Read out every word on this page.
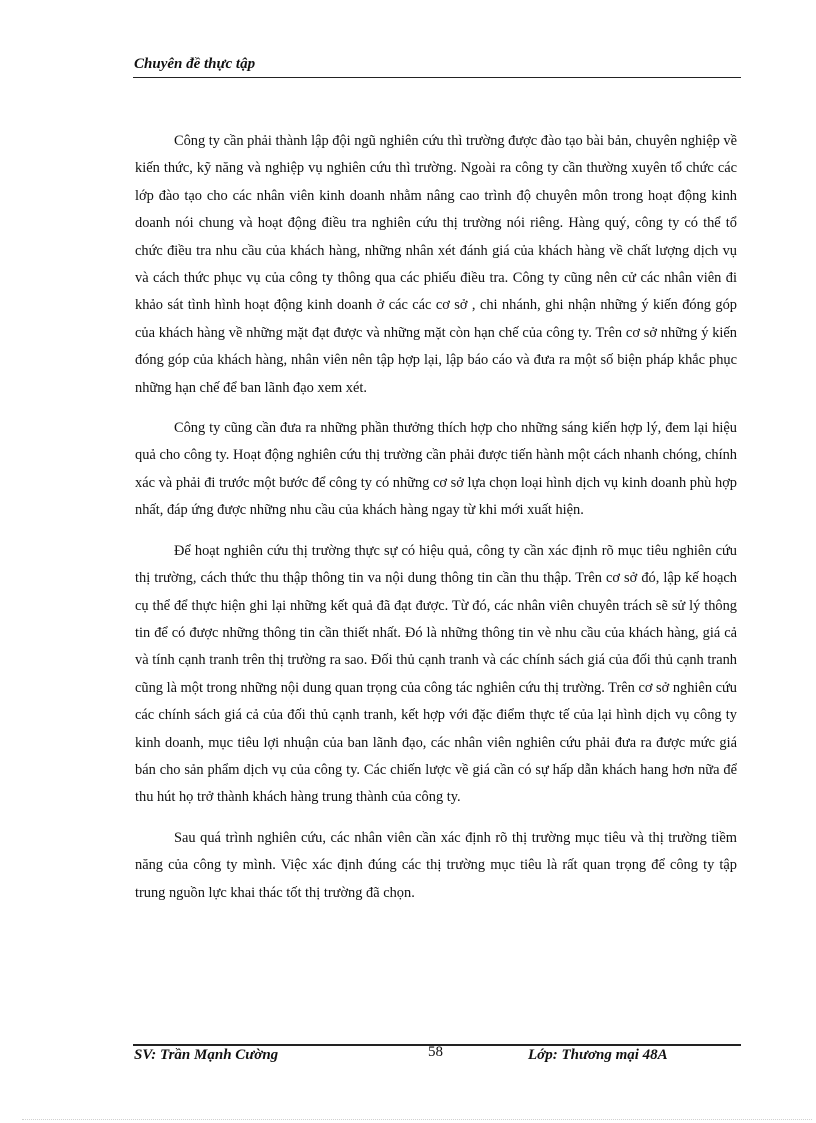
Chuyên đề thực tập

Công ty cần phải thành lập đội ngũ nghiên cứu thì trường được đào tạo bài bản, chuyên nghiệp về kiến thức, kỹ năng và nghiệp vụ nghiên cứu thì trường. Ngoài ra công ty cần thường xuyên tổ chức các lớp đào tạo cho các nhân viên kinh doanh nhằm nâng cao trình độ chuyên môn trong hoạt động kinh doanh nói chung và hoạt động điều tra nghiên cứu thị trường nói riêng. Hàng quý, công ty có thể tổ chức điều tra nhu cầu của khách hàng, những nhân xét đánh giá của khách hàng về chất lượng dịch vụ và cách thức phục vụ của công ty thông qua các phiếu điều tra. Công ty cũng nên cử các nhân viên đi khảo sát tình hình hoạt động kinh doanh ở các các cơ sở , chi nhánh, ghi nhận những ý kiến đóng góp của khách hàng về những mặt đạt được và những mặt còn hạn chế của công ty. Trên cơ sở những ý kiến đóng góp của khách hàng, nhân viên nên tập hợp lại, lập báo cáo và đưa ra một số biện pháp khắc phục những hạn chế để ban lãnh đạo xem xét.

Công ty cũng cần đưa ra những phần thưởng thích hợp cho những sáng kiến hợp lý, đem lại hiệu quả cho công ty. Hoạt động nghiên cứu thị trường cần phải được tiến hành một cách nhanh chóng, chính xác và phải đi trước một bước để công ty có những cơ sở lựa chọn loại hình dịch vụ kinh doanh phù hợp nhất, đáp ứng được những nhu cầu của khách hàng ngay từ khi mới xuất hiện.

Để hoạt nghiên cứu thị trường thực sự có hiệu quả, công ty cần xác định rõ mục tiêu nghiên cứu thị trường, cách thức thu thập thông tin va nội dung thông tin cần thu thập. Trên cơ sở đó, lập kế hoạch cụ thể để thực hiện ghi lại những kết quả đã đạt được. Từ đó, các nhân viên chuyên trách sẽ sử lý thông tin để có được những thông tin cần thiết nhất. Đó là những thông tin vè nhu cầu của khách hàng, giá cả và tính cạnh tranh trên thị trường ra sao. Đối thủ cạnh tranh và các chính sách giá của đối thủ cạnh tranh cũng là một trong những nội dung quan trọng của công tác nghiên cứu thị trường. Trên cơ sở nghiên cứu các chính sách giá cả của đối thủ cạnh tranh, kết hợp với đặc điểm thực tế của lại hình dịch vụ công ty kinh doanh, mục tiêu lợi nhuận của ban lãnh đạo, các nhân viên nghiên cứu phải đưa ra được mức giá bán cho sản phẩm dịch vụ của công ty. Các chiến lược về giá cần có sự hấp dẫn khách hang hơn nữa để thu hút họ trở thành khách hàng trung thành của công ty.

Sau quá trình nghiên cứu, các nhân viên cần xác định rõ thị trường mục tiêu và thị trường tiềm năng của công ty mình. Việc xác định đúng các thị trường mục tiêu là rất quan trọng để công ty tập trung nguồn lực khai thác tốt thị trường đã chọn.

SV: Trần Mạnh Cường	58	Lớp: Thương mại 48A
